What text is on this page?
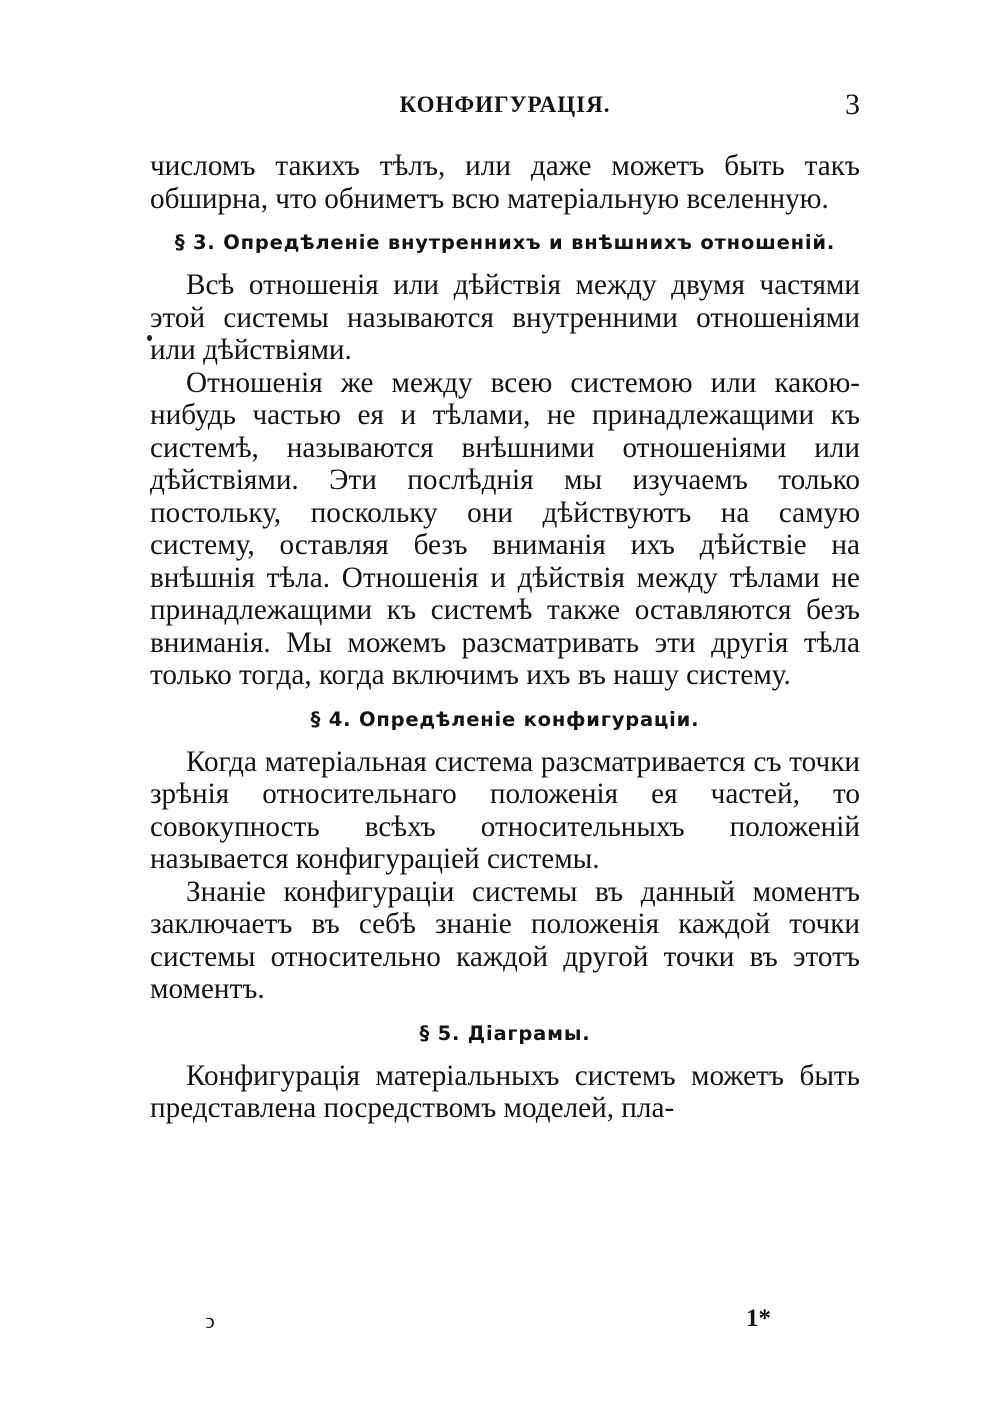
КОНФИГУРАЦІЯ.	3

числомъ такихъ тѣлъ, или даже можетъ быть такъ обширна, что обниметъ всю матеріальную вселенную.

§ 3. Опредѣленіе внутреннихъ и внѣшнихъ отношеній.

Всѣ отношенія или дѣйствія между двумя частями этой системы называются внутренними отношеніями или дѣйствіями.

Отношенія же между всею системою или какою-нибудь частью ея и тѣлами, не принадлежащими къ системѣ, называются внѣшними отношеніями или дѣйствіями. Эти послѣднія мы изучаемъ только постольку, поскольку они дѣйствуютъ на самую систему, оставляя безъ вниманія ихъ дѣйствіе на внѣшнія тѣла. Отношенія и дѣйствія между тѣлами не принадлежащими къ системѣ также оставляются безъ вниманія. Мы можемъ разсматривать эти другія тѣла только тогда, когда включимъ ихъ въ нашу систему.

§ 4. Опредѣленіе конфигураціи.

Когда матеріальная система разсматривается съ точки зрѣнія относительнаго положенія ея частей, то совокупность всѣхъ относительныхъ положеній называется конфигураціей системы.

Знаніе конфигураціи системы въ данный моментъ заключаетъ въ себѣ знаніе положенія каждой точки системы относительно каждой другой точки въ этотъ моментъ.

§ 5. Діаграмы.

Конфигурація матеріальныхъ системъ можетъ быть представлена посредствомъ моделей, пла-

ↄ	1*
